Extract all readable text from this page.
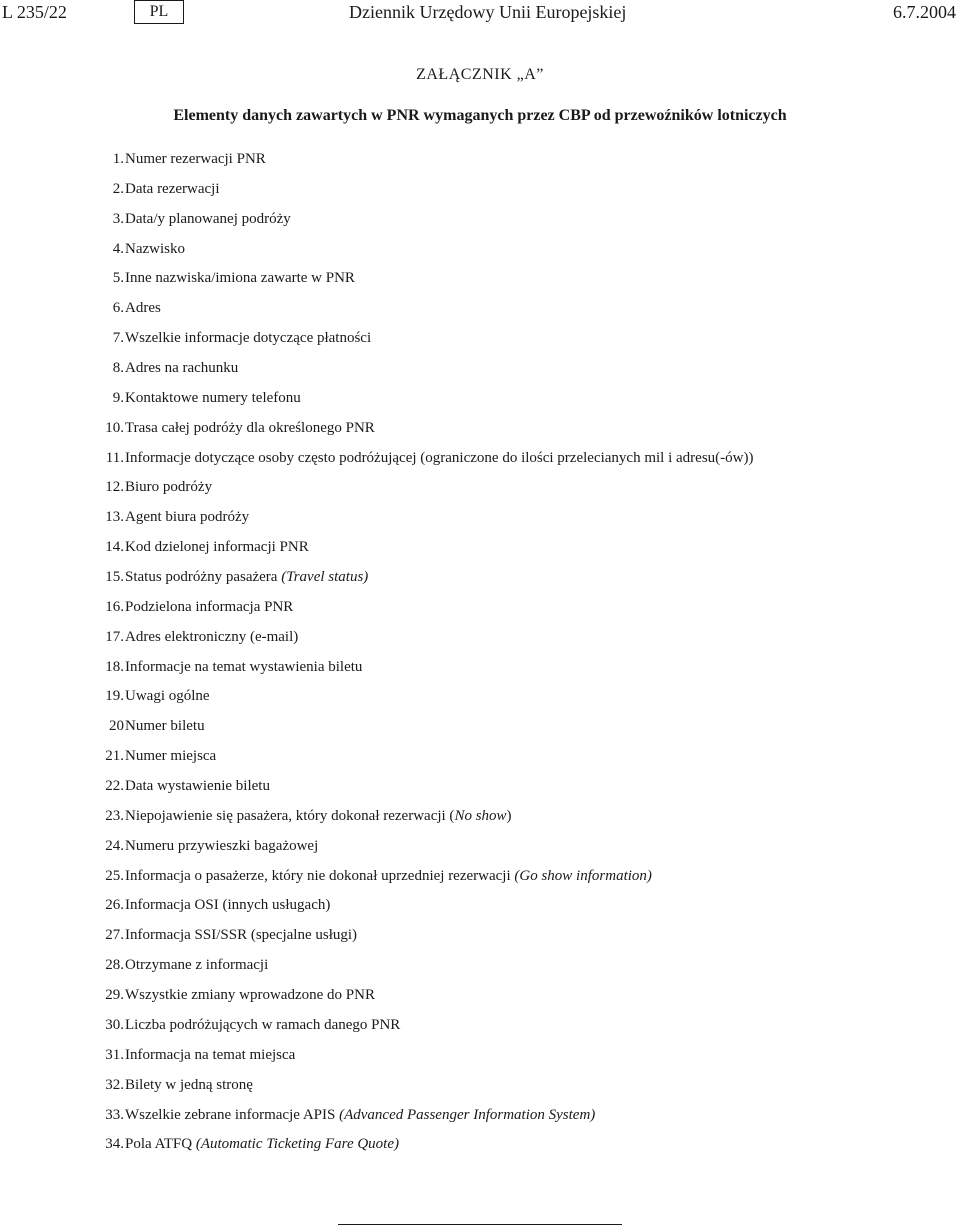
L 235/22	PL	Dziennik Urzędowy Unii Europejskiej	6.7.2004
ZAŁĄCZNIK „A”
Elementy danych zawartych w PNR wymaganych przez CBP od przewoźników lotniczych
1. Numer rezerwacji PNR
2. Data rezerwacji
3. Data/y planowanej podróży
4. Nazwisko
5. Inne nazwiska/imiona zawarte w PNR
6. Adres
7. Wszelkie informacje dotyczące płatności
8. Adres na rachunku
9. Kontaktowe numery telefonu
10. Trasa całej podróży dla określonego PNR
11. Informacje dotyczące osoby często podróżującej (ograniczone do ilości przelecianych mil i adresu(-ów))
12. Biuro podróży
13. Agent biura podróży
14. Kod dzielonej informacji PNR
15. Status podróżny pasażera (Travel status)
16. Podzielona informacja PNR
17. Adres elektroniczny (e-mail)
18. Informacje na temat wystawienia biletu
19. Uwagi ogólne
20 Numer biletu
21. Numer miejsca
22. Data wystawienie biletu
23. Niepojawienie się pasażera, który dokonał rezerwacji (No show)
24. Numeru przywieszki bagażowej
25. Informacja o pasażerze, który nie dokonał uprzedniej rezerwacji (Go show information)
26. Informacja OSI (innych usługach)
27. Informacja SSI/SSR (specjalne usługi)
28. Otrzymane z informacji
29. Wszystkie zmiany wprowadzone do PNR
30. Liczba podróżujących w ramach danego PNR
31. Informacja na temat miejsca
32. Bilety w jedną stronę
33. Wszelkie zebrane informacje APIS (Advanced Passenger Information System)
34. Pola ATFQ (Automatic Ticketing Fare Quote)
